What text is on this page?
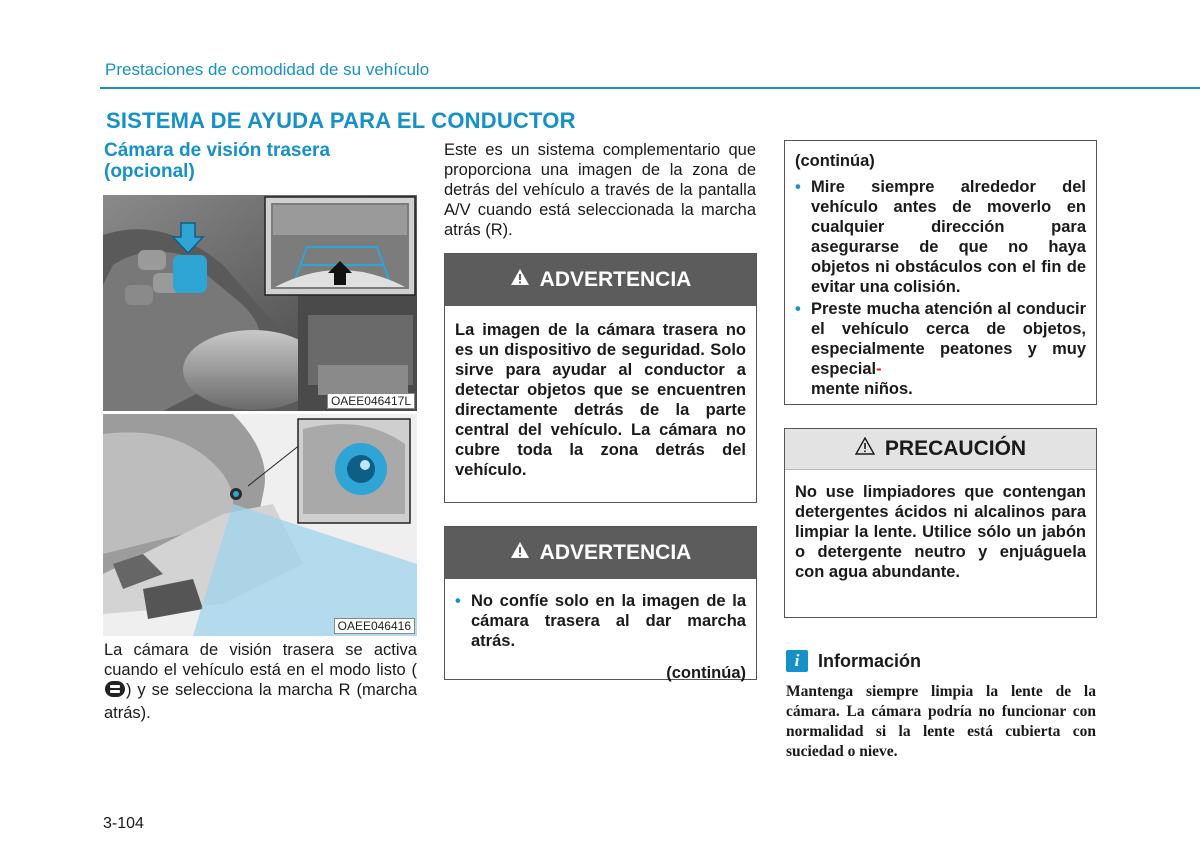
Prestaciones de comodidad de su vehículo
SISTEMA DE AYUDA PARA EL CONDUCTOR
Cámara de visión trasera
(opcional)
OAEE046417L
OAEE046416
La cámara de visión trasera se activa cuando el vehículo está en el modo listo () y se selecciona la marcha R (marcha atrás).
Este es un sistema complementario que proporciona una imagen de la zona de detrás del vehículo a través de la pantalla A/V cuando está seleccionada la marcha atrás (R).
ADVERTENCIA
La imagen de la cámara trasera no es un dispositivo de seguridad. Solo sirve para ayudar al conductor a detectar objetos que se encuentren directamente detrás de la parte central del vehículo. La cámara no cubre toda la zona detrás del vehículo.
ADVERTENCIA
• No confíe solo en la imagen de la cámara trasera al dar marcha atrás.
(continúa)
(continúa)
• Mire siempre alrededor del vehículo antes de moverlo en cualquier dirección para asegurarse de que no haya objetos ni obstáculos con el fin de evitar una colisión.
• Preste mucha atención al conducir el vehículo cerca de objetos, especialmente peatones y muy especial-
mente niños.
PRECAUCIÓN
No use limpiadores que contengan detergentes ácidos ni alcalinos para limpiar la lente. Utilice sólo un jabón o detergente neutro y enjuáguela con agua abundante.
i	Información
Mantenga siempre limpia la lente de la cámara. La cámara podría no funcionar con normalidad si la lente está cubierta con suciedad o nieve.
3-104
